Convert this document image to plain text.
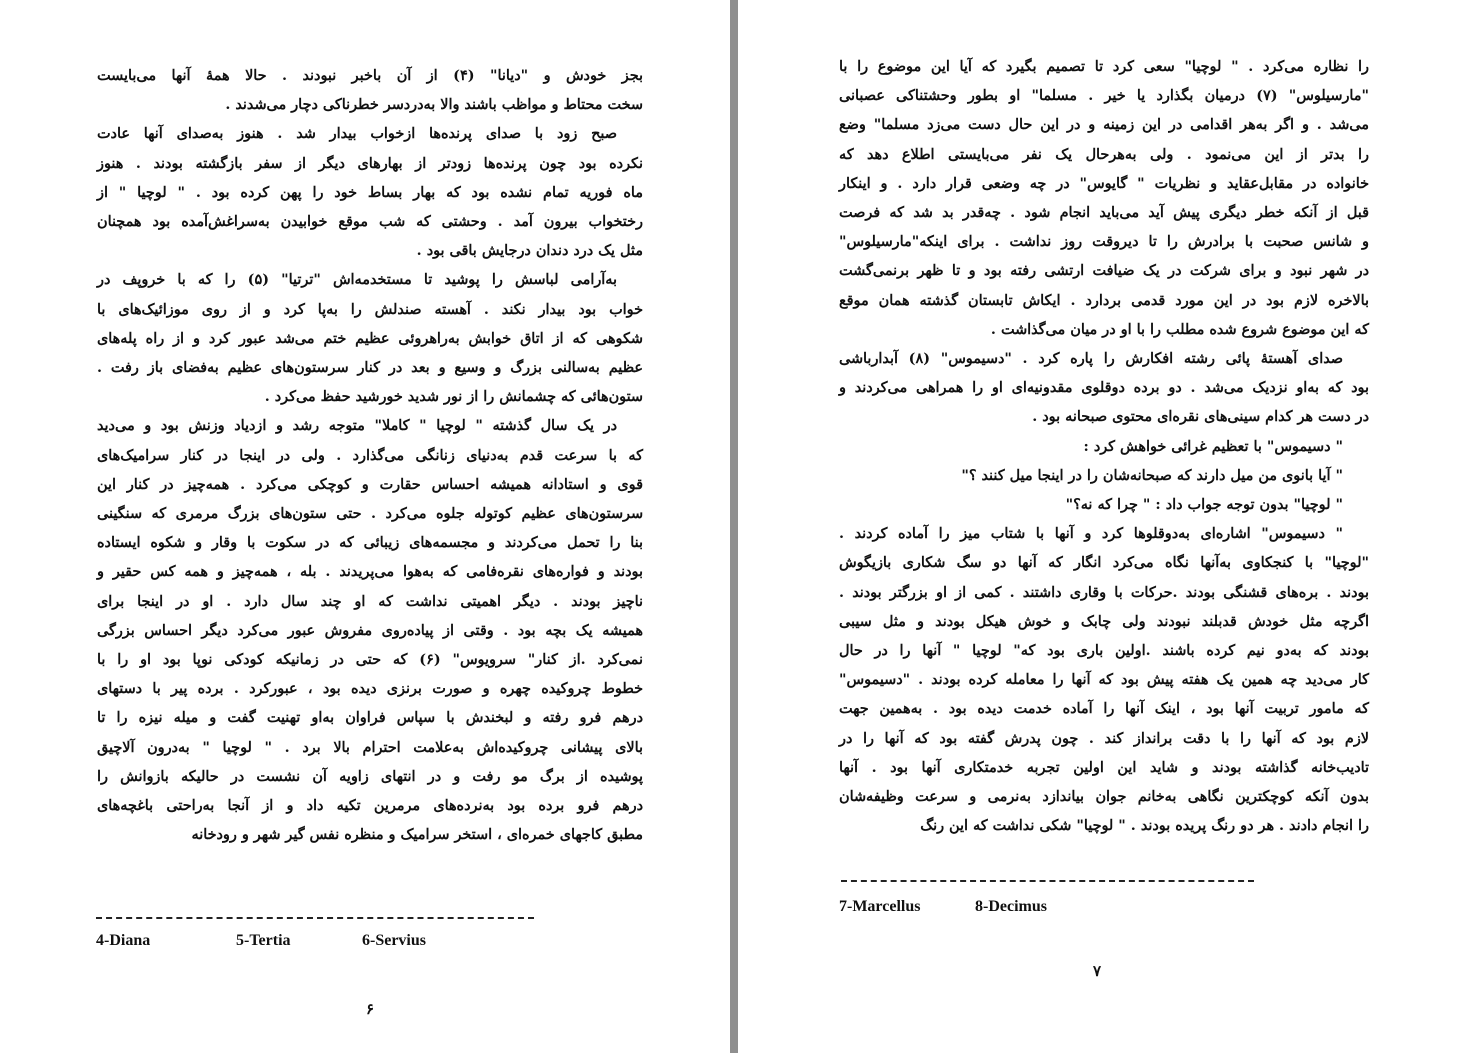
بجز خودش و "دیانا" (۴) از آن باخبر نبودند . حالا همهٔ آنها می‌بایست
سخت محتاط و مواظب باشند والا به‌دردسر خطرناکی دچار می‌شدند .
صبح زود با صدای پرنده‌ها ازخواب بیدار شد . هنوز به‌صدای آنها عادت
نکرده بود چون پرنده‌ها زودتر از بهارهای دیگر از سفر بازگشته بودند . هنوز
ماه فوریه تمام نشده بود که بهار بساط خود را پهن کرده بود . " لوچیا " از
رختخواب بیرون آمد . وحشتی که شب موقع خوابیدن به‌سراغش‌آمده بود همچنان
مثل یک درد دندان درجایش باقی بود .
به‌آرامی لباسش را پوشید تا مستخدمه‌اش "ترتیا" (۵) را که با خروپف در
خواب بود بیدار نکند . آهسته صندلش را به‌پا کرد و از روی موزائیک‌های با
شکوهی که از اتاق خوابش به‌راهروئی عظیم ختم می‌شد عبور کرد و از راه پله‌های
عظیم به‌سالنی بزرگ و وسیع و بعد در کنار سرستون‌های عظیم به‌فضای باز رفت .
ستون‌هائی که چشمانش را از نور شدید خورشید حفظ می‌کرد .
در یک سال گذشته " لوچیا " کاملا" متوجه رشد و ازدیاد وزنش بود و می‌دید
که با سرعت قدم به‌دنیای زنانگی می‌گذارد . ولی در اینجا در کنار سرامیک‌های
قوی و استادانه همیشه احساس حقارت و کوچکی می‌کرد . همه‌چیز در کنار این
سرستون‌های عظیم کوتوله جلوه می‌کرد . حتی ستون‌های بزرگ مرمری که سنگینی
بنا را تحمل می‌کردند و مجسمه‌های زیبائی که در سکوت با وقار و شکوه ایستاده
بودند و فواره‌های نقره‌فامی که به‌هوا می‌پریدند . بله ، همه‌چیز و همه کس حقیر و
ناچیز بودند . دیگر اهمیتی نداشت که او چند سال دارد . او در اینجا برای
همیشه یک بچه بود . وقتی از پیاده‌روی مفروش عبور می‌کرد دیگر احساس بزرگی
نمی‌کرد .از کنار" سرویوس" (۶) که حتی در زمانیکه کودکی نوپا بود او را با
خطوط چروکیده چهره و صورت برنزی دیده بود ، عبورکرد . برده پیر با دستهای
درهم فرو رفته و لبخندش با سپاس فراوان به‌او تهنیت گفت و میله نیزه را تا
بالای پیشانی چروکیده‌اش به‌علامت احترام بالا برد . " لوچیا " به‌درون آلاچیق
پوشیده از برگ مو رفت و در انتهای زاویه آن نشست در حالیکه بازوانش را
درهم فرو برده بود به‌نرده‌های مرمرین تکیه داد و از آنجا به‌راحتی باغچه‌های
مطبق کاجهای خمره‌ای ، استخر سرامیک و منظره نفس گیر شهر و رودخانه
4-Diana	5-Tertia	6-Servius
۶
را نظاره می‌کرد . " لوچیا" سعی کرد تا تصمیم بگیرد که آیا این موضوع را با
"مارسیلوس" (۷) درمیان بگذارد یا خیر . مسلما" او بطور وحشتناکی عصبانی
می‌شد . و اگر به‌هر اقدامی در این زمینه و در این حال دست می‌زد مسلما" وضع
را بدتر از این می‌نمود . ولی به‌هرحال یک نفر می‌بایستی اطلاع دهد که
خانواده در مقابل‌عقاید و نظریات " گایوس" در چه وضعی قرار دارد . و اینکار
قبل از آنکه خطر دیگری پیش آید می‌باید انجام شود . چه‌قدر بد شد که فرصت
و شانس صحبت با برادرش را تا دیروقت روز نداشت . برای اینکه"مارسیلوس"
در شهر نبود و برای شرکت در یک ضیافت ارتشی رفته بود و تا ظهر برنمی‌گشت
بالاخره لازم بود در این مورد قدمی بردارد . ایکاش تابستان گذشته همان موقع
که این موضوع شروع شده مطلب را با او در میان می‌گذاشت .
صدای آهستهٔ پائی رشته افکارش را پاره کرد . "دسیموس" (۸) آبدارباشی
بود که به‌او نزدیک می‌شد . دو برده دوقلوی مقدونیه‌ای او را همراهی می‌کردند و
در دست هر کدام سینی‌های نقره‌ای محتوی صبحانه بود .
" دسیموس" با تعظیم غرائی خواهش کرد :
" آیا بانوی من میل دارند که صبحانه‌شان را در اینجا میل کنند ؟"
" لوچیا" بدون توجه جواب داد : " چرا که نه؟"
" دسیموس" اشاره‌ای به‌دوقلوها کرد و آنها با شتاب میز را آماده کردند .
"لوچیا" با کنجکاوی به‌آنها نگاه می‌کرد انگار که آنها دو سگ شکاری بازیگوش
بودند . بره‌های قشنگی بودند .حرکات با وقاری داشتند . کمی از او بزرگتر بودند .
اگرچه مثل خودش قدبلند نبودند ولی چابک و خوش هیکل بودند و مثل سیبی
بودند که به‌دو نیم کرده باشند .اولین باری بود که" لوچیا " آنها را در حال
کار می‌دید چه همین یک هفته پیش بود که آنها را معامله کرده بودند . "دسیموس"
که مامور تربیت آنها بود ، اینک آنها را آماده خدمت دیده بود . به‌همین جهت
لازم بود که آنها را با دقت برانداز کند . چون پدرش گفته بود که آنها را در
تادیب‌خانه گذاشته بودند و شاید این اولین تجربه خدمتکاری آنها بود . آنها
بدون آنکه کوچکترین نگاهی به‌خانم جوان بیاندازد به‌نرمی و سرعت وظیفه‌شان
را انجام دادند . هر دو رنگ پریده بودند . " لوچیا" شکی نداشت که این رنگ
7-Marcellus	8-Decimus
۷
